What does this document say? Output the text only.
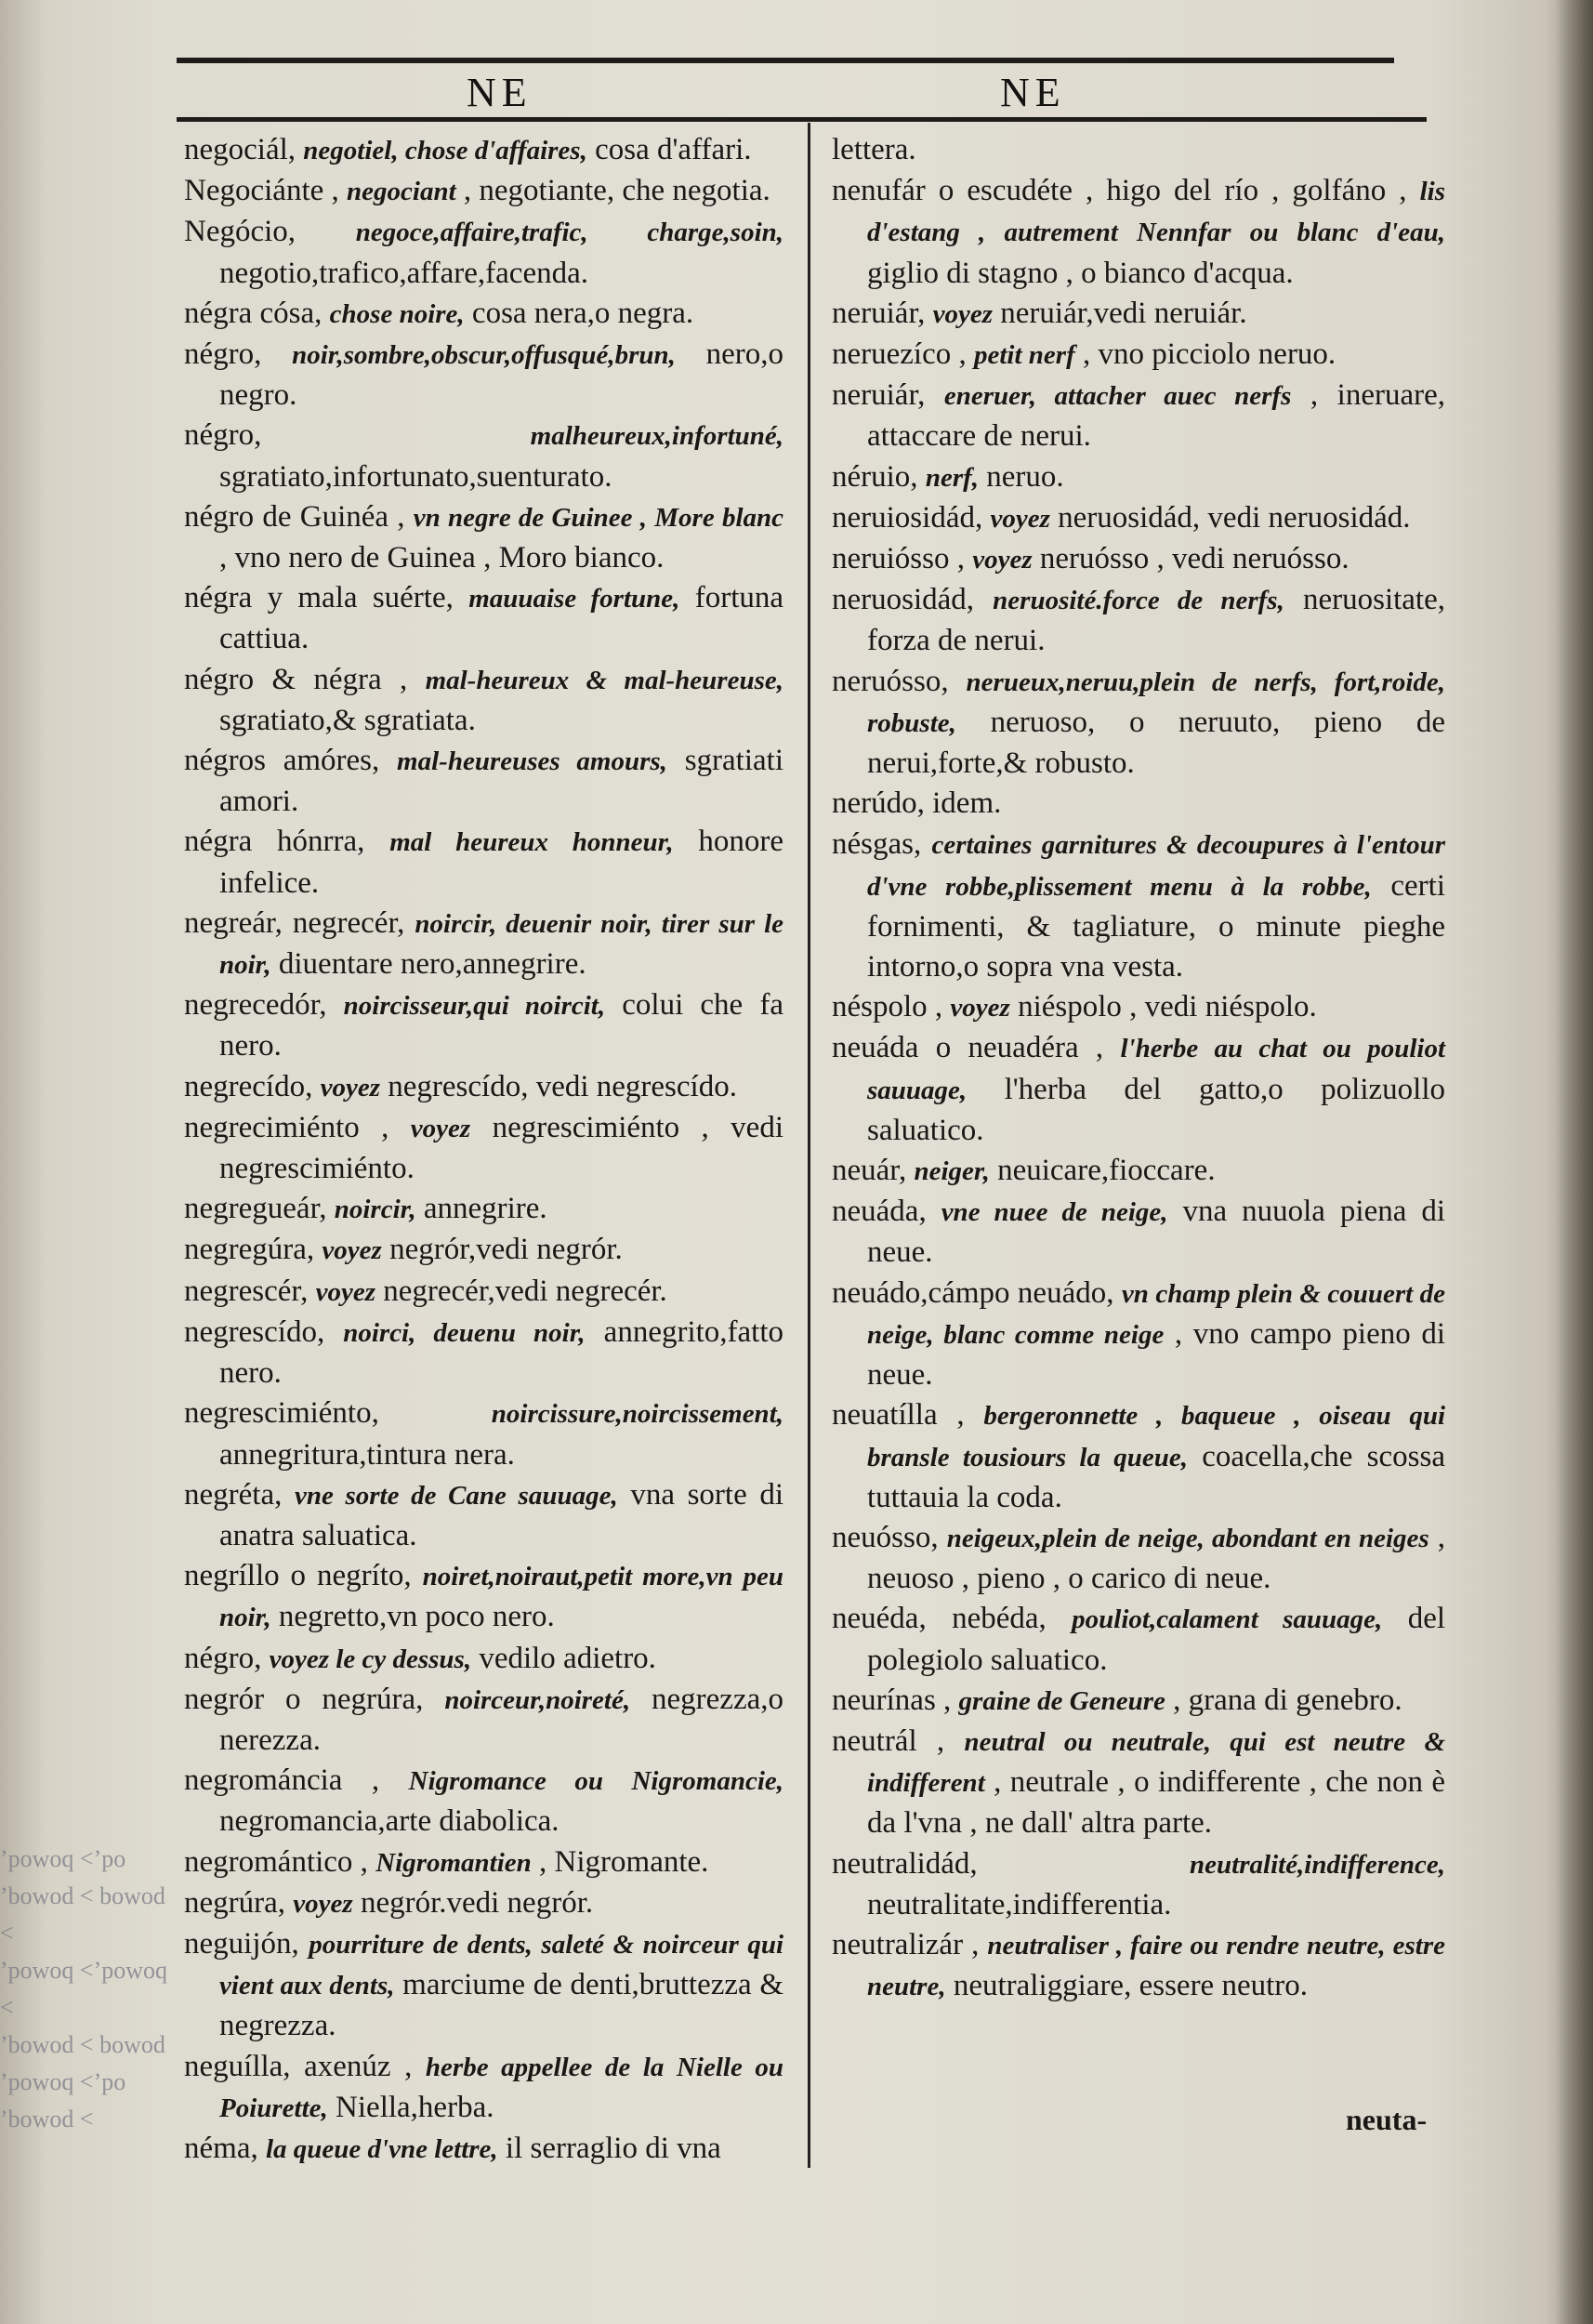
NE	NE

negociál, negotiel, chose d'affaires, cosa d'affari.

Negociánte , negociant , negotiante, che negotia.

Negócio, negoce,affaire,trafic, charge,soin, negotio,trafico,affare,facenda.

négra cósa, chose noire, cosa nera,o negra.

négro, noir,sombre,obscur,offusqué,brun, nero,o negro.

négro,	malheureux,infortuné, sgratiato,infortunato,suenturato.

négro de Guinéa , vn negre de Guinee , More blanc , vno nero de Guinea , Moro bianco.

négra y mala suérte, mauuaise fortune, fortuna cattiua.

négro & négra , mal-heureux & mal-heureuse, sgratiato,& sgratiata.

négros amóres, mal-heureuses amours, sgratiati amori.

négra hónrra, mal heureux honneur, honore infelice.

negreár, negrecér, noircir, deuenir noir, tirer sur le noir, diuentare nero,annegrire.

negrecedór, noircisseur,qui noircit, colui che fa nero.

negrecído, voyez negrescído, vedi negrescído.

negrecimiénto , voyez negrescimiénto , vedi negrescimiénto.

negregueár, noircir, annegrire.

negregúra, voyez negrór,vedi negrór.

negrescér, voyez negrecér,vedi negrecér.

negrescído, noirci, deuenu noir, annegrito,fatto nero.

negrescimiénto,	noircissure,noircissement, annegritura,tintura nera.

negréta, vne sorte de Cane sauuage, vna sorte di anatra saluatica.

negríllo o negríto, noiret,noiraut,petit more,vn peu noir, negretto,vn poco nero.

négro, voyez le cy dessus, vedilo adietro.

negrór o negrúra, noirceur,noireté, negrezza,o nerezza.

negrománcia , Nigromance ou Nigromancie, negromancia,arte diabolica.

negromántico , Nigromantien , Nigromante.

negrúra, voyez negrór.vedi negrór.

neguijón, pourriture de dents, saleté & noirceur qui vient aux dents, marciume de denti,bruttezza & negrezza.

neguílla, axenúz , herbe appellee de la Nielle ou Poiurette, Niella,herba.

néma, la queue d'vne lettre, il serraglio di vna

lettera.

nenufár o escudéte , higo del río , golfáno , lis d'estang , autrement Nennfar ou blanc d'eau, giglio di stagno , o bianco d'acqua.

neruiár, voyez neruiár,vedi neruiár.

neruezíco , petit nerf , vno picciolo neruo.

neruiár, eneruer, attacher auec nerfs , ineruare, attaccare de nerui.

néruio, nerf, neruo.

neruiosidád, voyez neruosidád, vedi neruosidád.

neruiósso , voyez neruósso , vedi neruósso.

neruosidád, neruosité.force de nerfs, neruositate, forza de nerui.

neruósso, nerueux,neruu,plein de nerfs, fort,roide, robuste, neruoso, o neruuto, pieno de nerui,forte,& robusto.

nerúdo, idem.

nésgas, certaines garnitures & decoupures à l'entour d'vne robbe,plissement menu à la robbe, certi fornimenti, & tagliature, o minute pieghe intorno,o sopra vna vesta.

néspolo , voyez niéspolo , vedi niéspolo.

neuáda o neuadéra , l'herbe au chat ou pouliot sauuage, l'herba del gatto,o polizuollo saluatico.

neuár, neiger, neuicare,fioccare.

neuáda, vne nuee de neige, vna nuuola piena di neue.

neuádo,cámpo neuádo, vn champ plein & couuert de neige, blanc comme neige , vno campo pieno di neue.

neuatílla , bergeronnette , baqueue , oiseau qui bransle tousiours la queue, coacella,che scossa tuttauia la coda.

neuósso, neigeux,plein de neige, abondant en neiges , neuoso , pieno , o carico di neue.

neuéda, nebéda, pouliot,calament sauuage, del polegiolo saluatico.

neurínas , graine de Geneure , grana di genebro.

neutrál , neutral ou neutrale, qui est neutre & indifferent , neutrale , o indifferente , che non è da l'vna , ne dall' altra parte.

neutralidád,	neutralité,indifference, neutralitate,indifferentia.

neutralizár , neutraliser , faire ou rendre neutre, estre neutre, neutraliggiare, essere neutro.

neuta-
ʼpowoq ˂ʼpo
ʼbowod ˂ bowod ˂
ʼpowoq ˂ʼpowoq ˂
ʼbowod ˂ bowod
ʼpowoq ˂ʼpo
ʼbowod ˂
